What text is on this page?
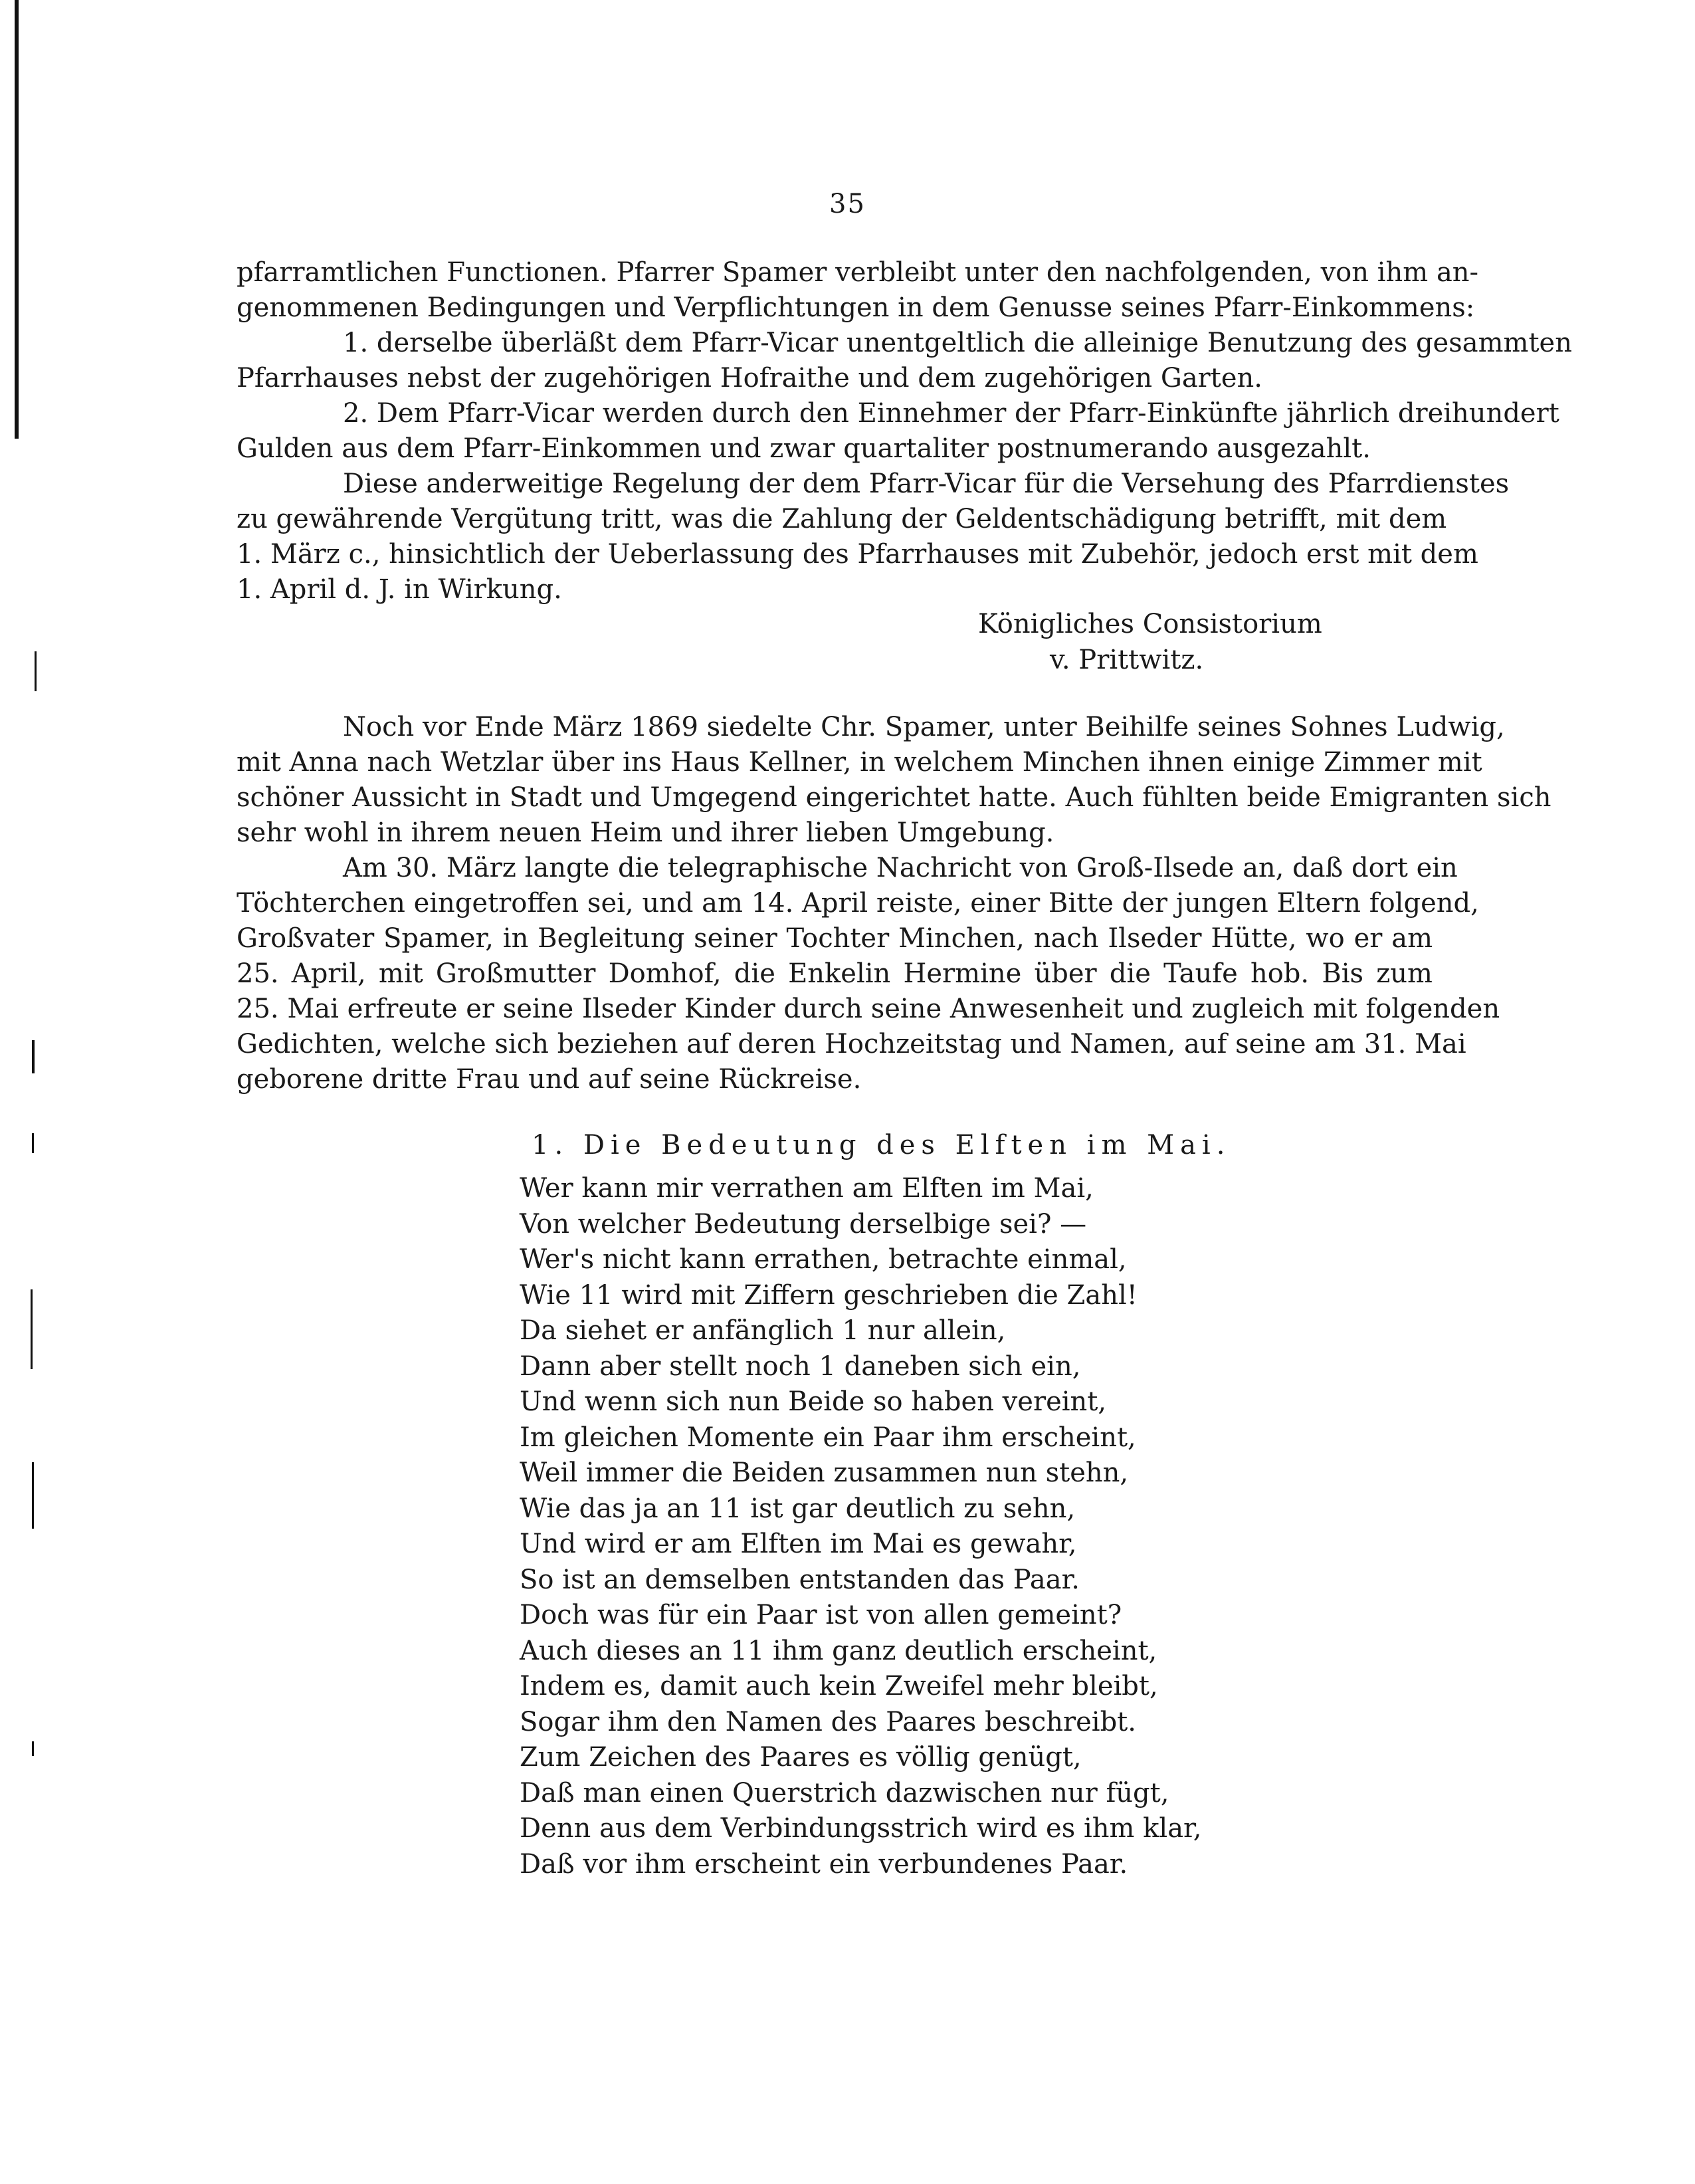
35
pfarramtlichen Functionen. Pfarrer Spamer verbleibt unter den nachfolgenden, von ihm an-
genommenen Bedingungen und Verpflichtungen in dem Genusse seines Pfarr-Einkommens:
1. derselbe überläßt dem Pfarr-Vicar unentgeltlich die alleinige Benutzung des gesammten
Pfarrhauses nebst der zugehörigen Hofraithe und dem zugehörigen Garten.
2. Dem Pfarr-Vicar werden durch den Einnehmer der Pfarr-Einkünfte jährlich dreihundert
Gulden aus dem Pfarr-Einkommen und zwar quartaliter postnumerando ausgezahlt.
Diese anderweitige Regelung der dem Pfarr-Vicar für die Versehung des Pfarrdienstes
zu gewährende Vergütung tritt, was die Zahlung der Geldentschädigung betrifft, mit dem
1. März c., hinsichtlich der Ueberlassung des Pfarrhauses mit Zubehör, jedoch erst mit dem
1. April d. J. in Wirkung.
Königliches Consistorium
v. Prittwitz.
Noch vor Ende März 1869 siedelte Chr. Spamer, unter Beihilfe seines Sohnes Ludwig,
mit Anna nach Wetzlar über ins Haus Kellner, in welchem Minchen ihnen einige Zimmer mit
schöner Aussicht in Stadt und Umgegend eingerichtet hatte. Auch fühlten beide Emigranten sich
sehr wohl in ihrem neuen Heim und ihrer lieben Umgebung.
Am 30. März langte die telegraphische Nachricht von Groß-Ilsede an, daß dort ein
Töchterchen eingetroffen sei, und am 14. April reiste, einer Bitte der jungen Eltern folgend,
Großvater Spamer, in Begleitung seiner Tochter Minchen, nach Ilseder Hütte, wo er am
25. April, mit Großmutter Domhof, die Enkelin Hermine über die Taufe hob. Bis zum
25. Mai erfreute er seine Ilseder Kinder durch seine Anwesenheit und zugleich mit folgenden
Gedichten, welche sich beziehen auf deren Hochzeitstag und Namen, auf seine am 31. Mai
geborene dritte Frau und auf seine Rückreise.
1. Die Bedeutung des Elften im Mai.
Wer kann mir verrathen am Elften im Mai,
Von welcher Bedeutung derselbige sei? —
Wer's nicht kann errathen, betrachte einmal,
Wie 11 wird mit Ziffern geschrieben die Zahl!
Da siehet er anfänglich 1 nur allein,
Dann aber stellt noch 1 daneben sich ein,
Und wenn sich nun Beide so haben vereint,
Im gleichen Momente ein Paar ihm erscheint,
Weil immer die Beiden zusammen nun stehn,
Wie das ja an 11 ist gar deutlich zu sehn,
Und wird er am Elften im Mai es gewahr,
So ist an demselben entstanden das Paar.
Doch was für ein Paar ist von allen gemeint?
Auch dieses an 11 ihm ganz deutlich erscheint,
Indem es, damit auch kein Zweifel mehr bleibt,
Sogar ihm den Namen des Paares beschreibt.
Zum Zeichen des Paares es völlig genügt,
Daß man einen Querstrich dazwischen nur fügt,
Denn aus dem Verbindungsstrich wird es ihm klar,
Daß vor ihm erscheint ein verbundenes Paar.
